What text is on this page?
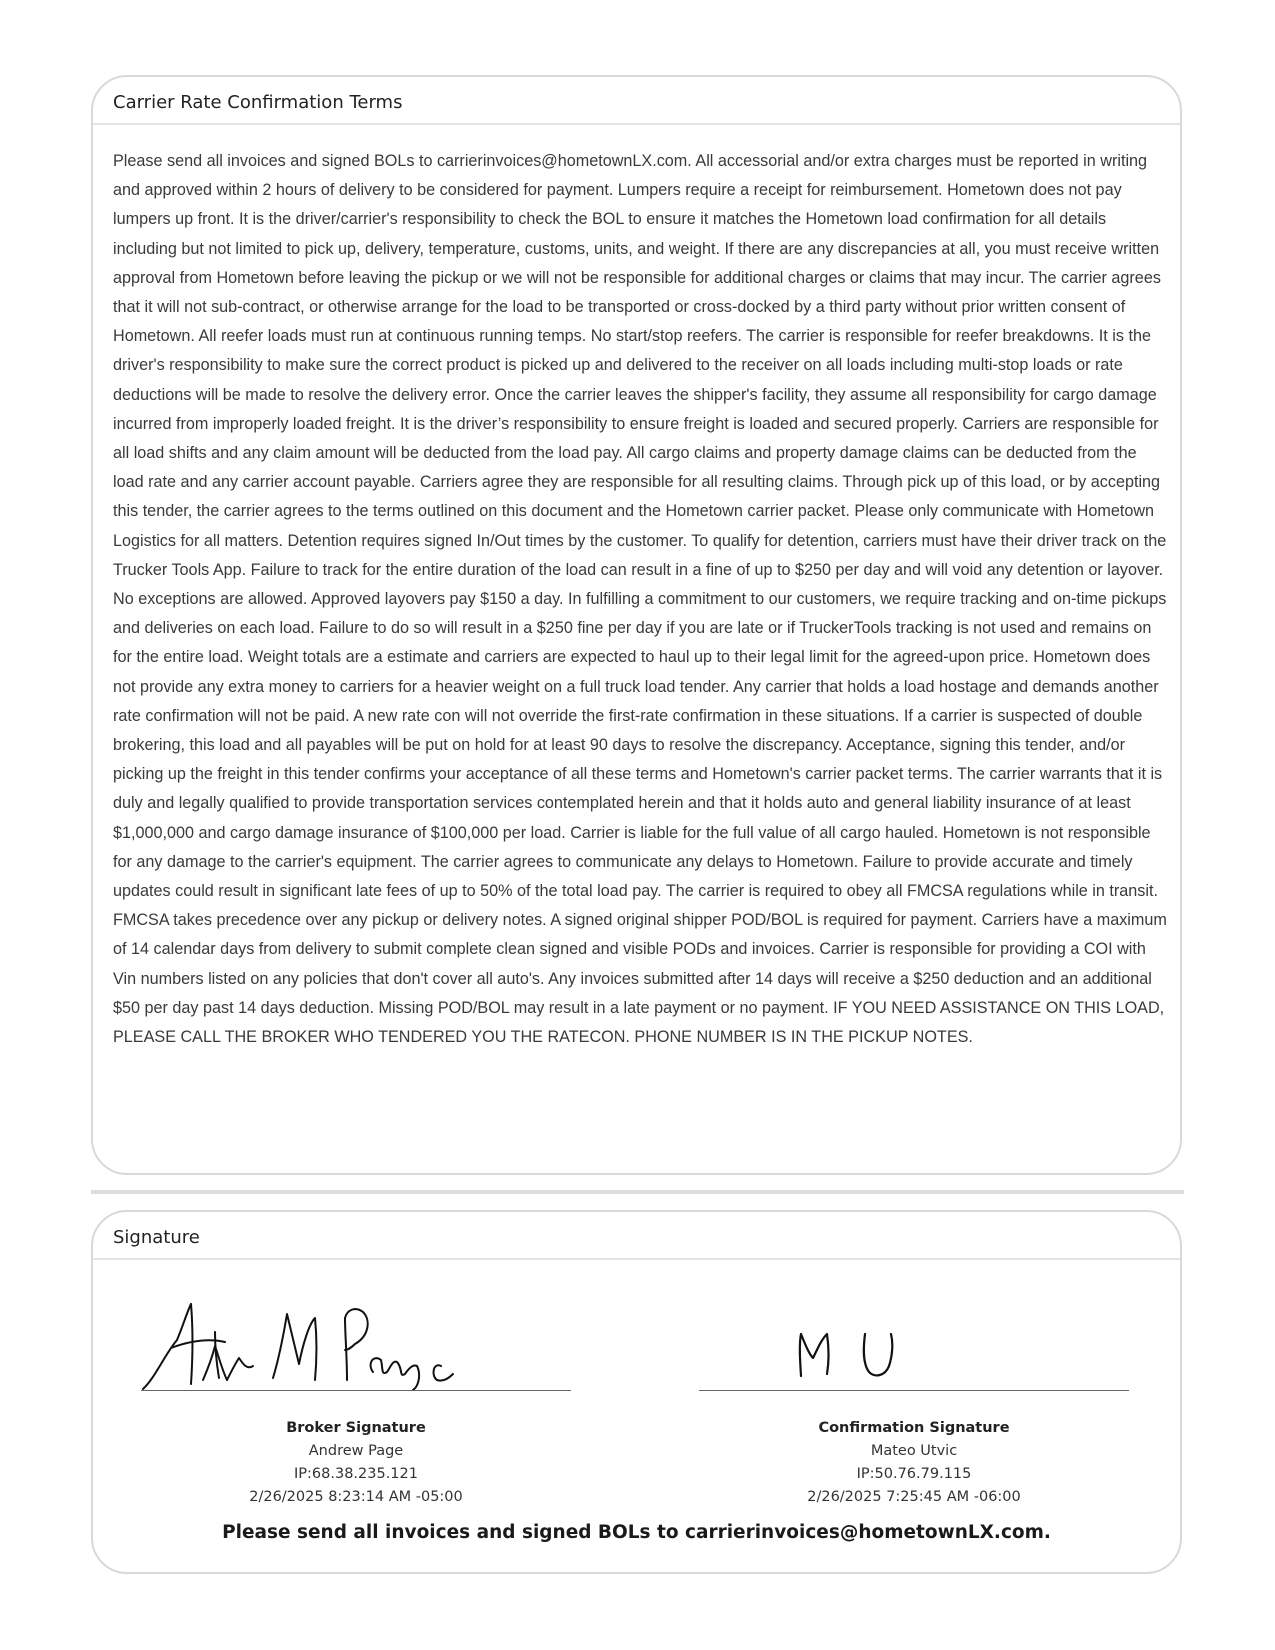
Carrier Rate Confirmation Terms

Please send all invoices and signed BOLs to carrierinvoices@hometownLX.com. All accessorial and/or extra charges must be reported in writing and approved within 2 hours of delivery to be considered for payment. Lumpers require a receipt for reimbursement. Hometown does not pay lumpers up front. It is the driver/carrier's responsibility to check the BOL to ensure it matches the Hometown load confirmation for all details including but not limited to pick up, delivery, temperature, customs, units, and weight. If there are any discrepancies at all, you must receive written approval from Hometown before leaving the pickup or we will not be responsible for additional charges or claims that may incur. The carrier agrees that it will not sub-contract, or otherwise arrange for the load to be transported or cross-docked by a third party without prior written consent of Hometown. All reefer loads must run at continuous running temps. No start/stop reefers. The carrier is responsible for reefer breakdowns. It is the driver's responsibility to make sure the correct product is picked up and delivered to the receiver on all loads including multi-stop loads or rate deductions will be made to resolve the delivery error. Once the carrier leaves the shipper's facility, they assume all responsibility for cargo damage incurred from improperly loaded freight. It is the driver’s responsibility to ensure freight is loaded and secured properly. Carriers are responsible for all load shifts and any claim amount will be deducted from the load pay. All cargo claims and property damage claims can be deducted from the load rate and any carrier account payable. Carriers agree they are responsible for all resulting claims. Through pick up of this load, or by accepting this tender, the carrier agrees to the terms outlined on this document and the Hometown carrier packet. Please only communicate with Hometown Logistics for all matters. Detention requires signed In/Out times by the customer. To qualify for detention, carriers must have their driver track on the Trucker Tools App. Failure to track for the entire duration of the load can result in a fine of up to $250 per day and will void any detention or layover. No exceptions are allowed. Approved layovers pay $150 a day. In fulfilling a commitment to our customers, we require tracking and on-time pickups and deliveries on each load. Failure to do so will result in a $250 fine per day if you are late or if TruckerTools tracking is not used and remains on for the entire load. Weight totals are a estimate and carriers are expected to haul up to their legal limit for the agreed-upon price. Hometown does not provide any extra money to carriers for a heavier weight on a full truck load tender. Any carrier that holds a load hostage and demands another rate confirmation will not be paid. A new rate con will not override the first-rate confirmation in these situations. If a carrier is suspected of double brokering, this load and all payables will be put on hold for at least 90 days to resolve the discrepancy. Acceptance, signing this tender, and/or picking up the freight in this tender confirms your acceptance of all these terms and Hometown's carrier packet terms. The carrier warrants that it is duly and legally qualified to provide transportation services contemplated herein and that it holds auto and general liability insurance of at least $1,000,000 and cargo damage insurance of $100,000 per load. Carrier is liable for the full value of all cargo hauled. Hometown is not responsible for any damage to the carrier's equipment. The carrier agrees to communicate any delays to Hometown. Failure to provide accurate and timely updates could result in significant late fees of up to 50% of the total load pay. The carrier is required to obey all FMCSA regulations while in transit. FMCSA takes precedence over any pickup or delivery notes. A signed original shipper POD/BOL is required for payment. Carriers have a maximum of 14 calendar days from delivery to submit complete clean signed and visible PODs and invoices. Carrier is responsible for providing a COI with Vin numbers listed on any policies that don't cover all auto's. Any invoices submitted after 14 days will receive a $250 deduction and an additional $50 per day past 14 days deduction. Missing POD/BOL may result in a late payment or no payment. IF YOU NEED ASSISTANCE ON THIS LOAD, PLEASE CALL THE BROKER WHO TENDERED YOU THE RATECON. PHONE NUMBER IS IN THE PICKUP NOTES.

Signature
Broker Signature
Andrew Page
IP:68.38.235.121
2/26/2025 8:23:14 AM -05:00
Confirmation Signature
Mateo Utvic
IP:50.76.79.115
2/26/2025 7:25:45 AM -06:00
Please send all invoices and signed BOLs to carrierinvoices@hometownLX.com.
